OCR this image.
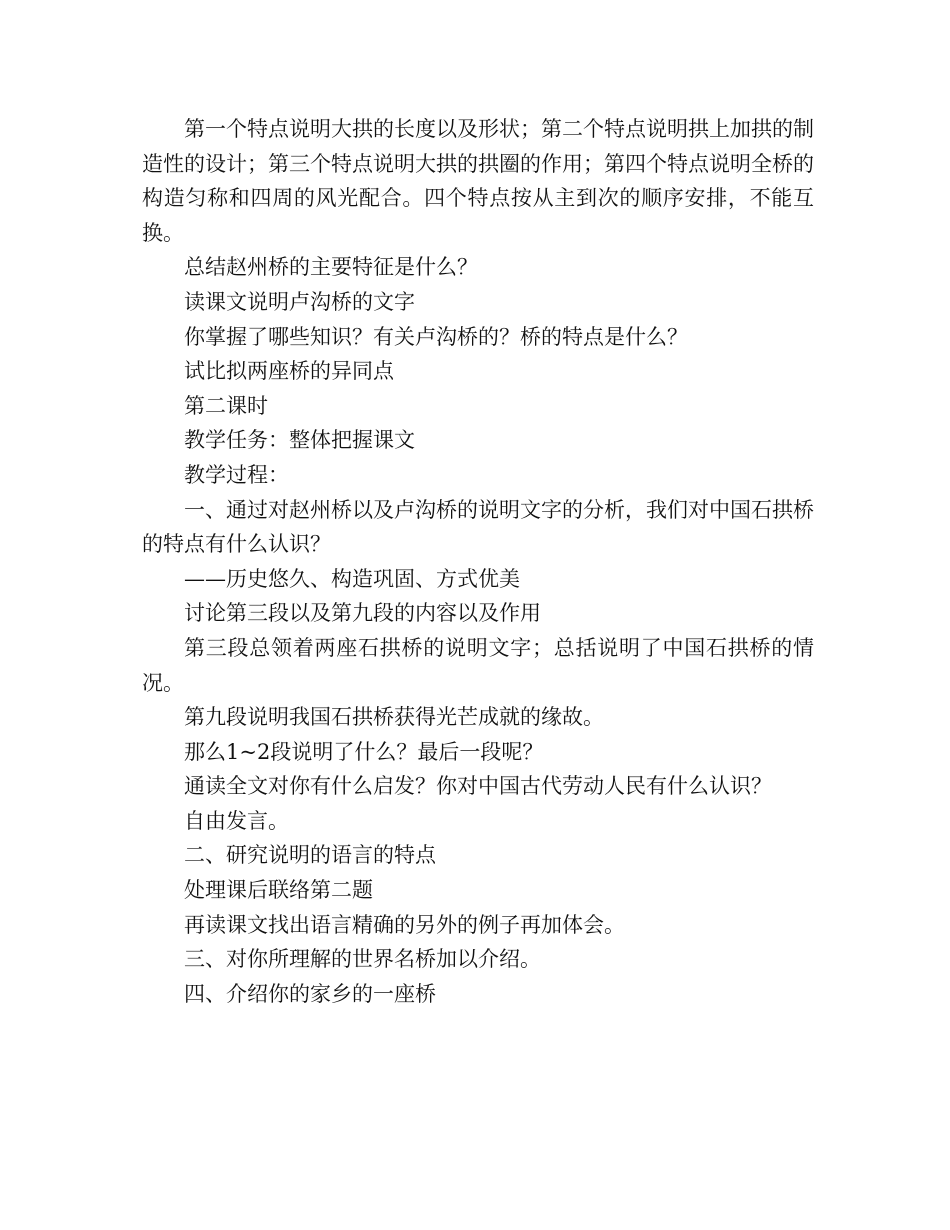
第一个特点说明大拱的长度以及形状；第二个特点说明拱上加拱的制造性的设计；第三个特点说明大拱的拱圈的作用；第四个特点说明全桥的构造匀称和四周的风光配合。四个特点按从主到次的顺序安排，不能互换。

总结赵州桥的主要特征是什么？

读课文说明卢沟桥的文字

你掌握了哪些知识？有关卢沟桥的？桥的特点是什么？

试比拟两座桥的异同点

第二课时

教学任务：整体把握课文

教学过程：

一、通过对赵州桥以及卢沟桥的说明文字的分析，我们对中国石拱桥的特点有什么认识？

——历史悠久、构造巩固、方式优美

讨论第三段以及第九段的内容以及作用

第三段总领着两座石拱桥的说明文字；总括说明了中国石拱桥的情况。

第九段说明我国石拱桥获得光芒成就的缘故。

那么1~2段说明了什么？最后一段呢？

通读全文对你有什么启发？你对中国古代劳动人民有什么认识？

自由发言。

二、研究说明的语言的特点

处理课后联络第二题

再读课文找出语言精确的另外的例子再加体会。

三、对你所理解的世界名桥加以介绍。

四、介绍你的家乡的一座桥
